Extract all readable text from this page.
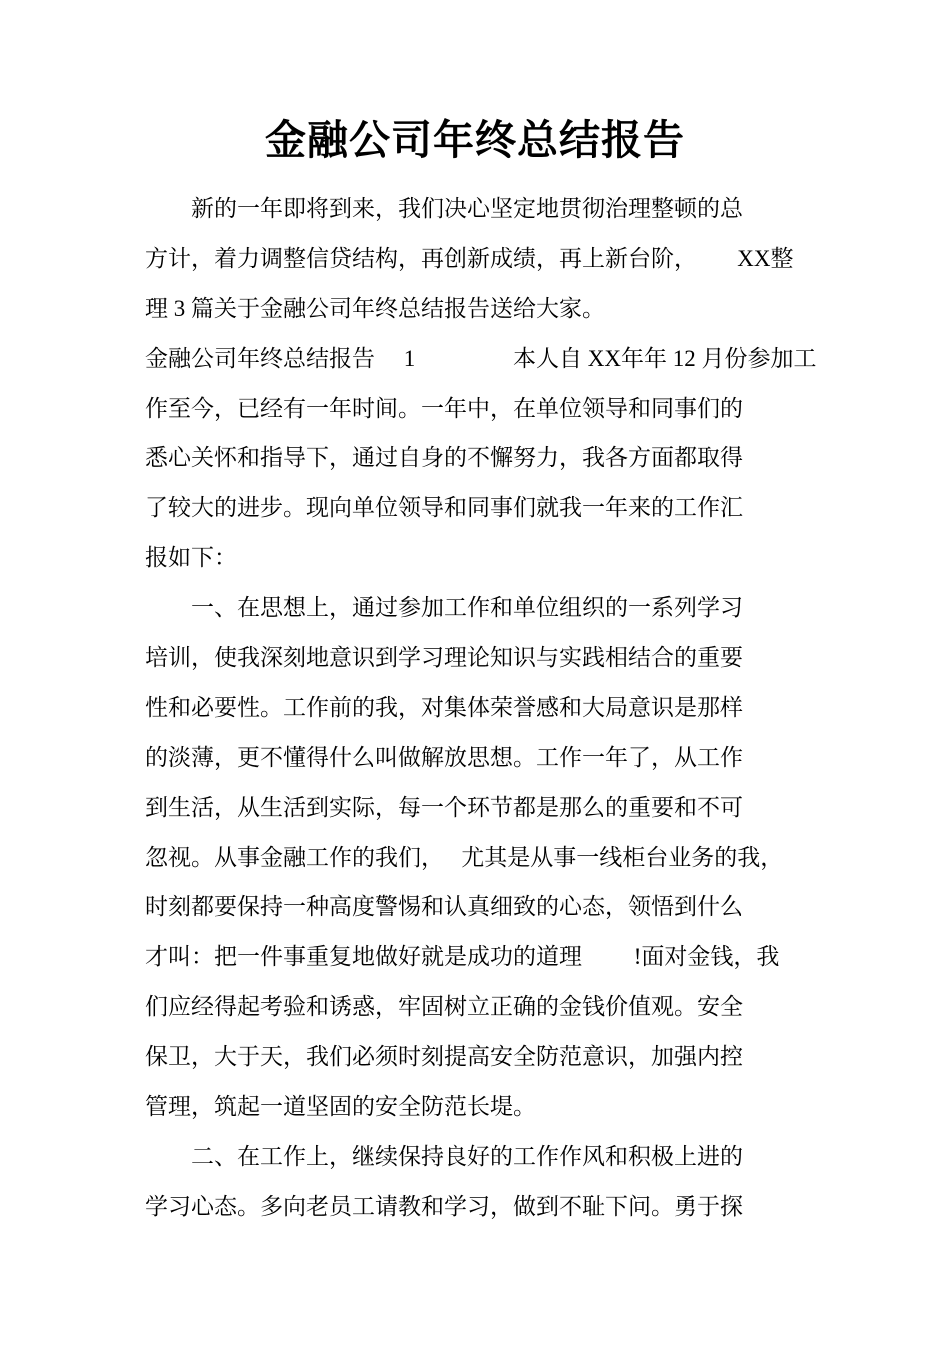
金融公司年终总结报告
　　新的一年即将到来，我们决心坚定地贯彻治理整顿的总
方计，着力调整信贷结构，再创新成绩，再上新台阶，　　 XX整
理 3 篇关于金融公司年终总结报告送给大家。
金融公司年终总结报告　 1　　　　 本人自 XX年年 12 月份参加工
作至今，已经有一年时间。一年中，在单位领导和同事们的
悉心关怀和指导下，通过自身的不懈努力，我各方面都取得
了较大的进步。现向单位领导和同事们就我一年来的工作汇
报如下：
　　一、在思想上，通过参加工作和单位组织的一系列学习
培训，使我深刻地意识到学习理论知识与实践相结合的重要
性和必要性。工作前的我，对集体荣誉感和大局意识是那样
的淡薄，更不懂得什么叫做解放思想。工作一年了，从工作
到生活，从生活到实际，每一个环节都是那么的重要和不可
忽视。从事金融工作的我们，　 尤其是从事一线柜台业务的我，
时刻都要保持一种高度警惕和认真细致的心态，领悟到什么
才叫：把一件事重复地做好就是成功的道理　　 !面对金钱，我
们应经得起考验和诱惑，牢固树立正确的金钱价值观。安全
保卫，大于天，我们必须时刻提高安全防范意识，加强内控
管理，筑起一道坚固的安全防范长堤。
　　二、在工作上，继续保持良好的工作作风和积极上进的
学习心态。多向老员工请教和学习，做到不耻下问。勇于探
